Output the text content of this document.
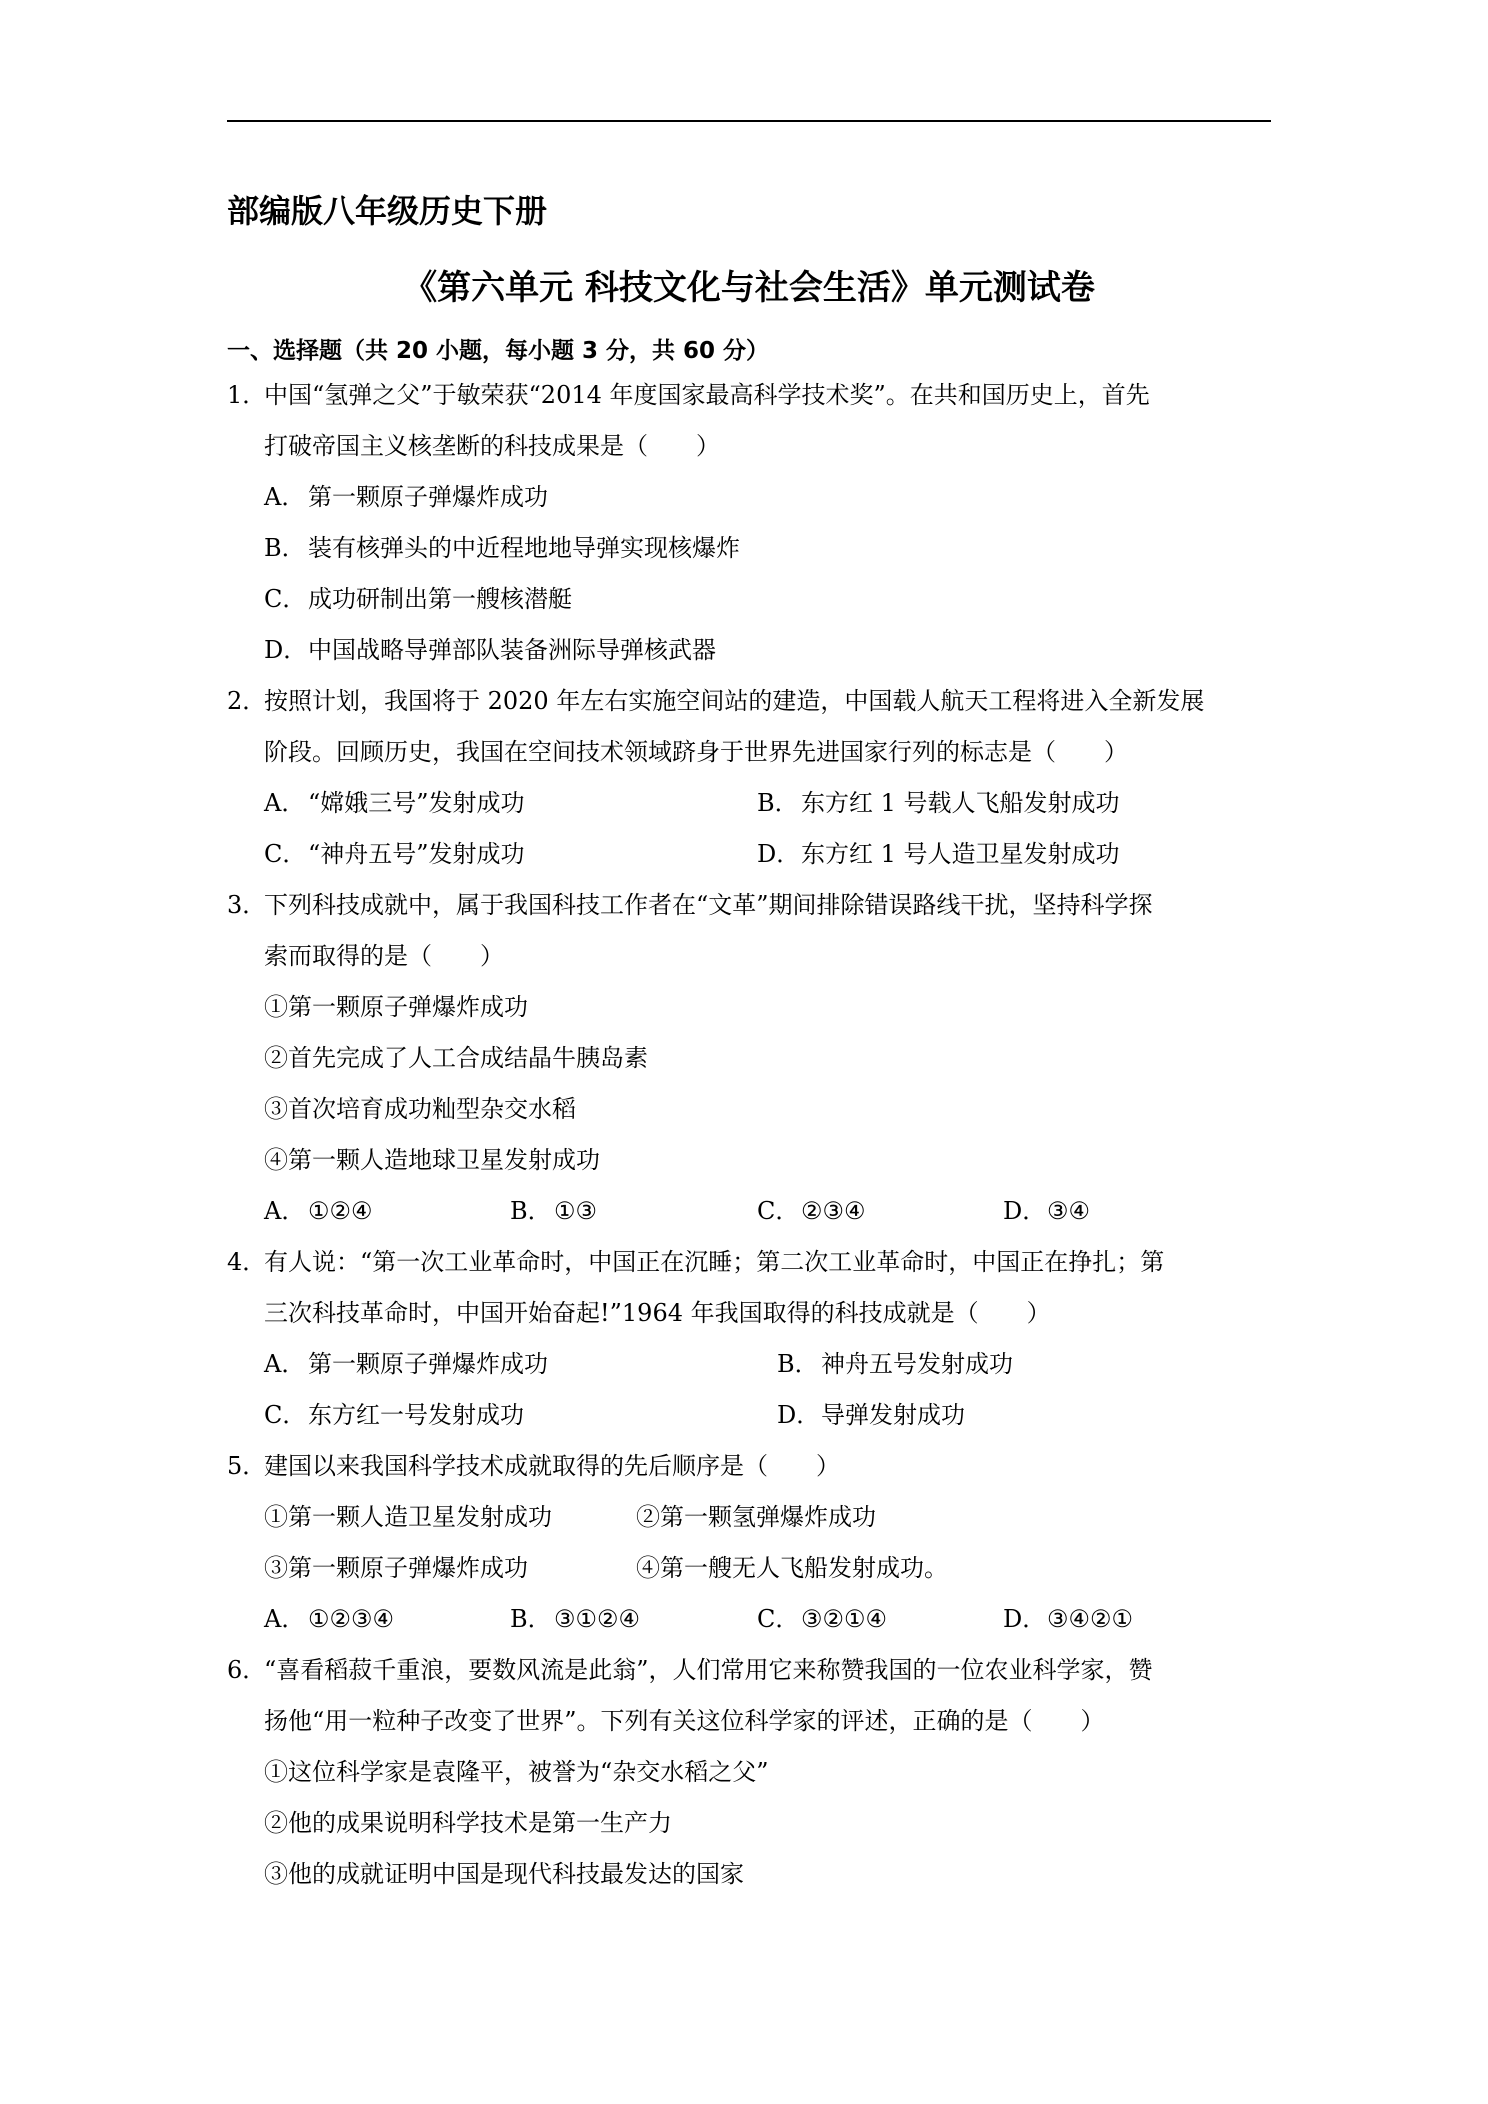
部编版八年级历史下册
《第六单元 科技文化与社会生活》单元测试卷
一、选择题（共 20 小题，每小题 3 分，共 60 分）
1．
中国“氢弹之父”于敏荣获“2014 年度国家最高科学技术奖”。在共和国历史上，首先
打破帝国主义核垄断的科技成果是（　　）
A． 第一颗原子弹爆炸成功
B．装有核弹头的中近程地地导弹实现核爆炸
C．成功研制出第一艘核潜艇
D．中国战略导弹部队装备洲际导弹核武器
2．
按照计划，我国将于 2020 年左右实施空间站的建造，中国载人航天工程将进入全新发展
阶段。回顾历史，我国在空间技术领域跻身于世界先进国家行列的标志是（　　）
A． “嫦娥三号”发射成功	B．东方红 1 号载人飞船发射成功
C．“神舟五号”发射成功	D．东方红 1 号人造卫星发射成功
3．
下列科技成就中，属于我国科技工作者在“文革”期间排除错误路线干扰，坚持科学探
索而取得的是（　　）
①第一颗原子弹爆炸成功
②首先完成了人工合成结晶牛胰岛素
③首次培育成功籼型杂交水稻
④第一颗人造地球卫星发射成功
A． ①②④	B．①③	C．②③④	D．③④
4．
有人说：“第一次工业革命时，中国正在沉睡；第二次工业革命时，中国正在挣扎；第
三次科技革命时，中国开始奋起!”1964 年我国取得的科技成就是（　　）
A． 第一颗原子弹爆炸成功	B．神舟五号发射成功
C．东方红一号发射成功	D．导弹发射成功
5．
建国以来我国科学技术成就取得的先后顺序是（　　）
①第一颗人造卫星发射成功	②第一颗氢弹爆炸成功
③第一颗原子弹爆炸成功	④第一艘无人飞船发射成功。
A． ①②③④	B．③①②④	C．③②①④	D．③④②①
6．
“喜看稻菽千重浪，要数风流是此翁”，人们常用它来称赞我国的一位农业科学家，赞
扬他“用一粒种子改变了世界”。下列有关这位科学家的评述，正确的是（　　）
①这位科学家是袁隆平，被誉为“杂交水稻之父”
②他的成果说明科学技术是第一生产力
③他的成就证明中国是现代科技最发达的国家
